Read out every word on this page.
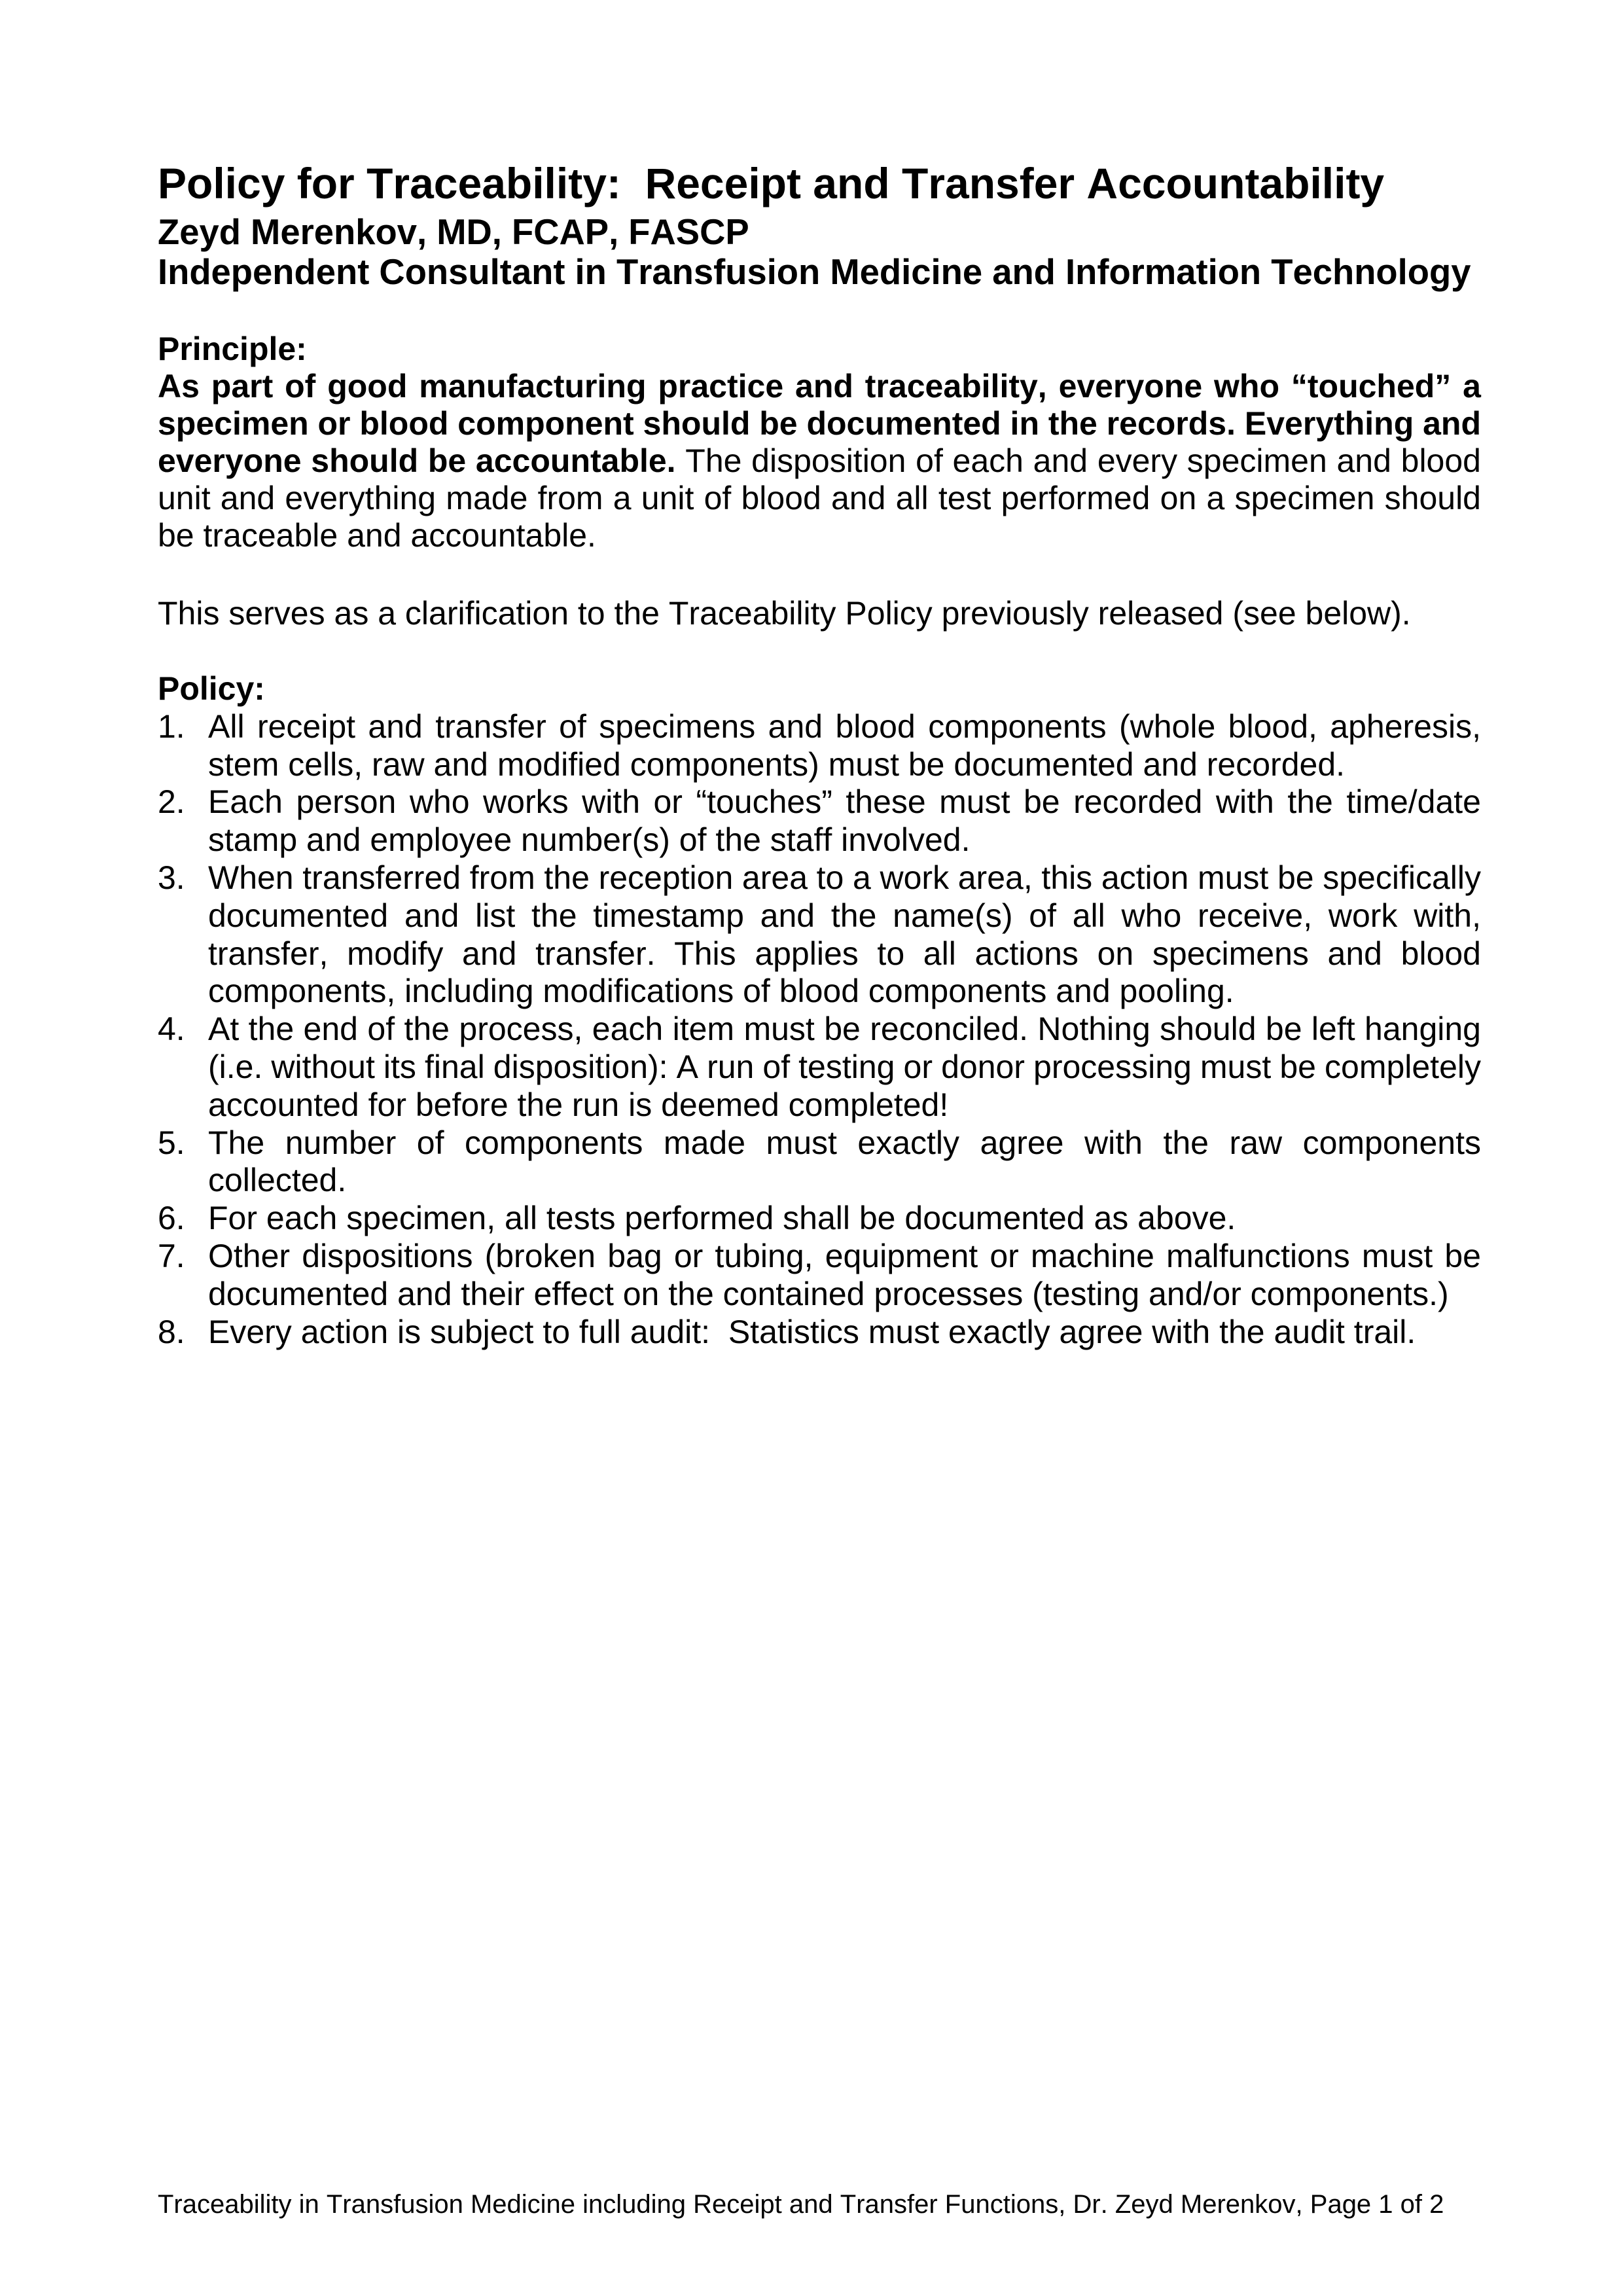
Policy for Traceability:  Receipt and Transfer Accountability
Zeyd Merenkov, MD, FCAP, FASCP
Independent Consultant in Transfusion Medicine and Information Technology
Principle:
As part of good manufacturing practice and traceability, everyone who “touched” a
specimen or blood component should be documented in the records. Everything and
everyone should be accountable. The disposition of each and every specimen and blood
unit and everything made from a unit of blood and all test performed on a specimen should
be traceable and accountable.
This serves as a clarification to the Traceability Policy previously released (see below).
Policy:
1. All receipt and transfer of specimens and blood components (whole blood, apheresis,
stem cells, raw and modified components) must be documented and recorded.
2. Each person who works with or “touches” these must be recorded with the time/date
stamp and employee number(s) of the staff involved.
3. When transferred from the reception area to a work area, this action must be specifically
documented and list the timestamp and the name(s) of all who receive, work with,
transfer, modify and transfer. This applies to all actions on specimens and blood
components, including modifications of blood components and pooling.
4. At the end of the process, each item must be reconciled. Nothing should be left hanging
(i.e. without its final disposition): A run of testing or donor processing must be completely
accounted for before the run is deemed completed!
5. The number of components made must exactly agree with the raw components
collected.
6. For each specimen, all tests performed shall be documented as above.
7. Other dispositions (broken bag or tubing, equipment or machine malfunctions must be
documented and their effect on the contained processes (testing and/or components.)
8. Every action is subject to full audit:  Statistics must exactly agree with the audit trail.
Traceability in Transfusion Medicine including Receipt and Transfer Functions, Dr. Zeyd Merenkov, Page 1 of 2
